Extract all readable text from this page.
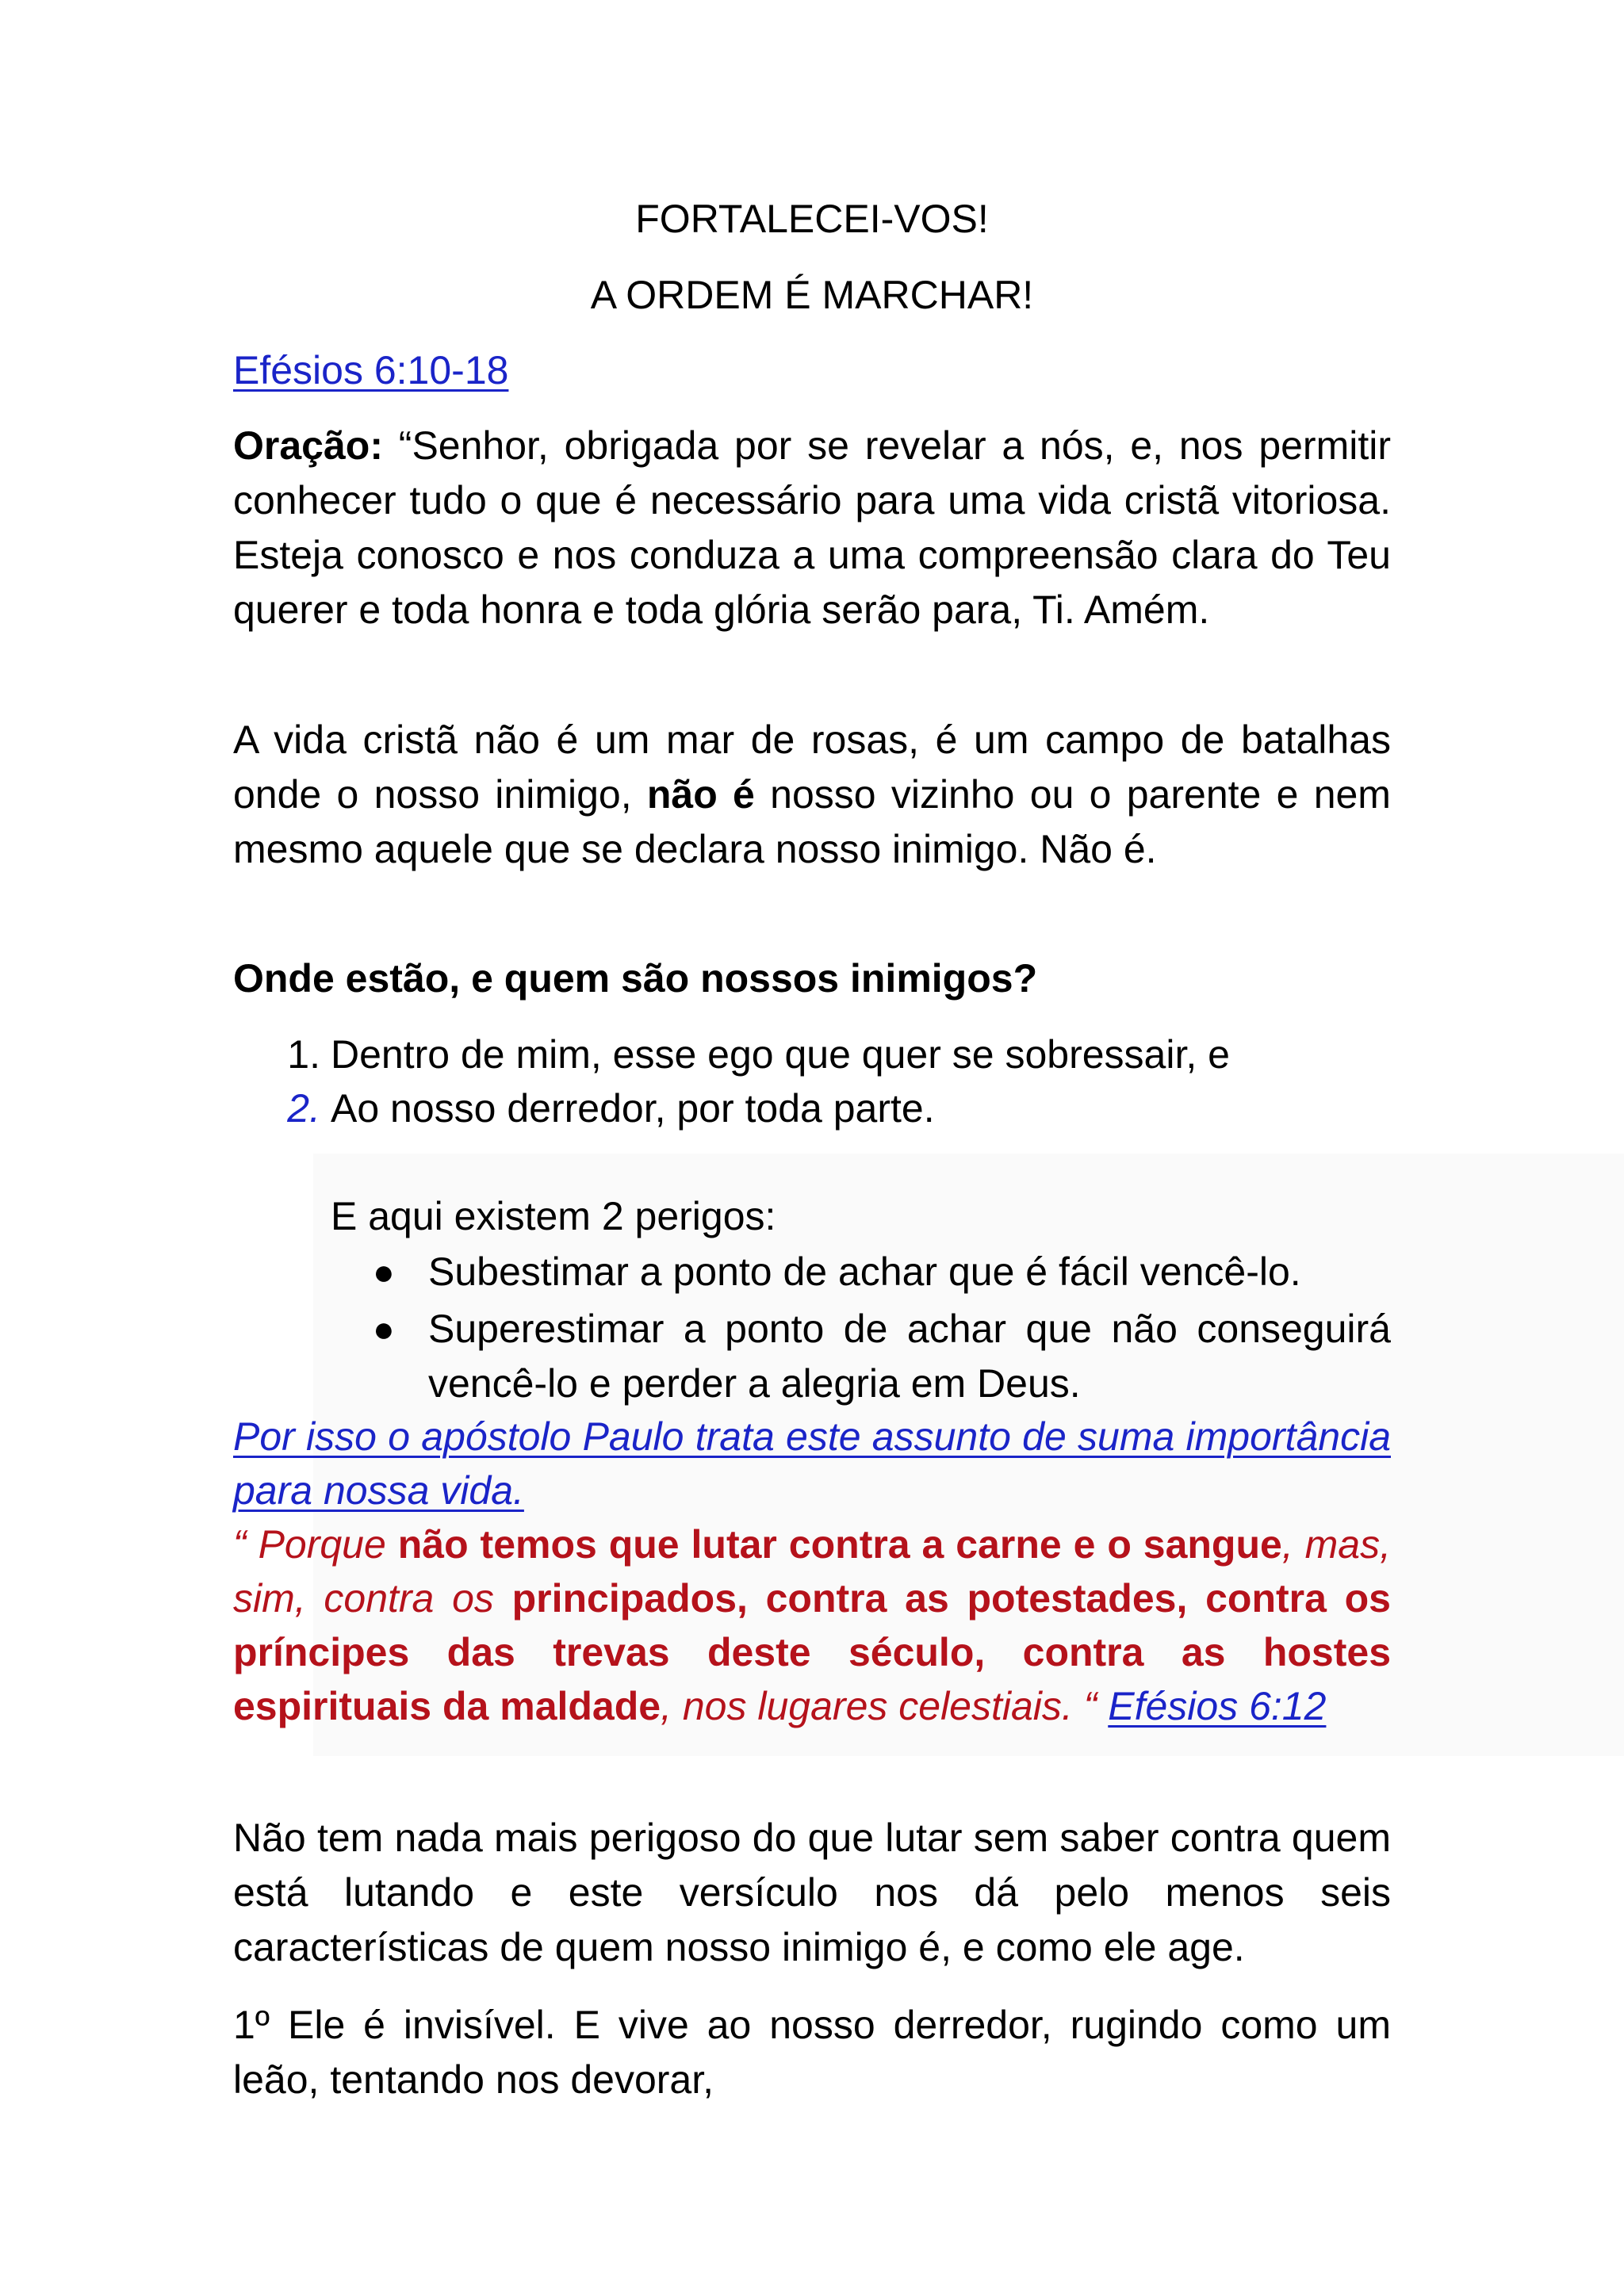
FORTALECEI-VOS!
A ORDEM É MARCHAR!

Efésios 6:10-18

Oração: “Senhor, obrigada por se revelar a nós, e, nos permitir conhecer tudo o que é necessário para uma vida cristã vitoriosa. Esteja conosco e nos conduza a uma compreensão clara do Teu querer e toda honra e toda glória serão para, Ti. Amém.

A vida cristã não é um mar de rosas, é um campo de batalhas onde o nosso inimigo, não é nosso vizinho ou o parente e nem mesmo aquele que se declara nosso inimigo. Não é.

Onde estão, e quem são nossos inimigos?

1. Dentro de mim, esse ego que quer se sobressair, e
2. Ao nosso derredor, por toda parte.

E aqui existem 2 perigos:

● Subestimar a ponto de achar que é fácil vencê-lo.
● Superestimar a ponto de achar que não conseguirá vencê-lo e perder a alegria em Deus.

Por isso o apóstolo Paulo trata este assunto de suma importância para nossa vida.

“ Porque não temos que lutar contra a carne e o sangue, mas, sim, contra os principados, contra as potestades, contra os príncipes das trevas deste século, contra as hostes espirituais da maldade, nos lugares celestiais. “ Efésios 6:12

Não tem nada mais perigoso do que lutar sem saber contra quem está lutando e este versículo nos dá pelo menos seis características de quem nosso inimigo é, e como ele age.

1º Ele é invisível. E vive ao nosso derredor, rugindo como um leão, tentando nos devorar,
